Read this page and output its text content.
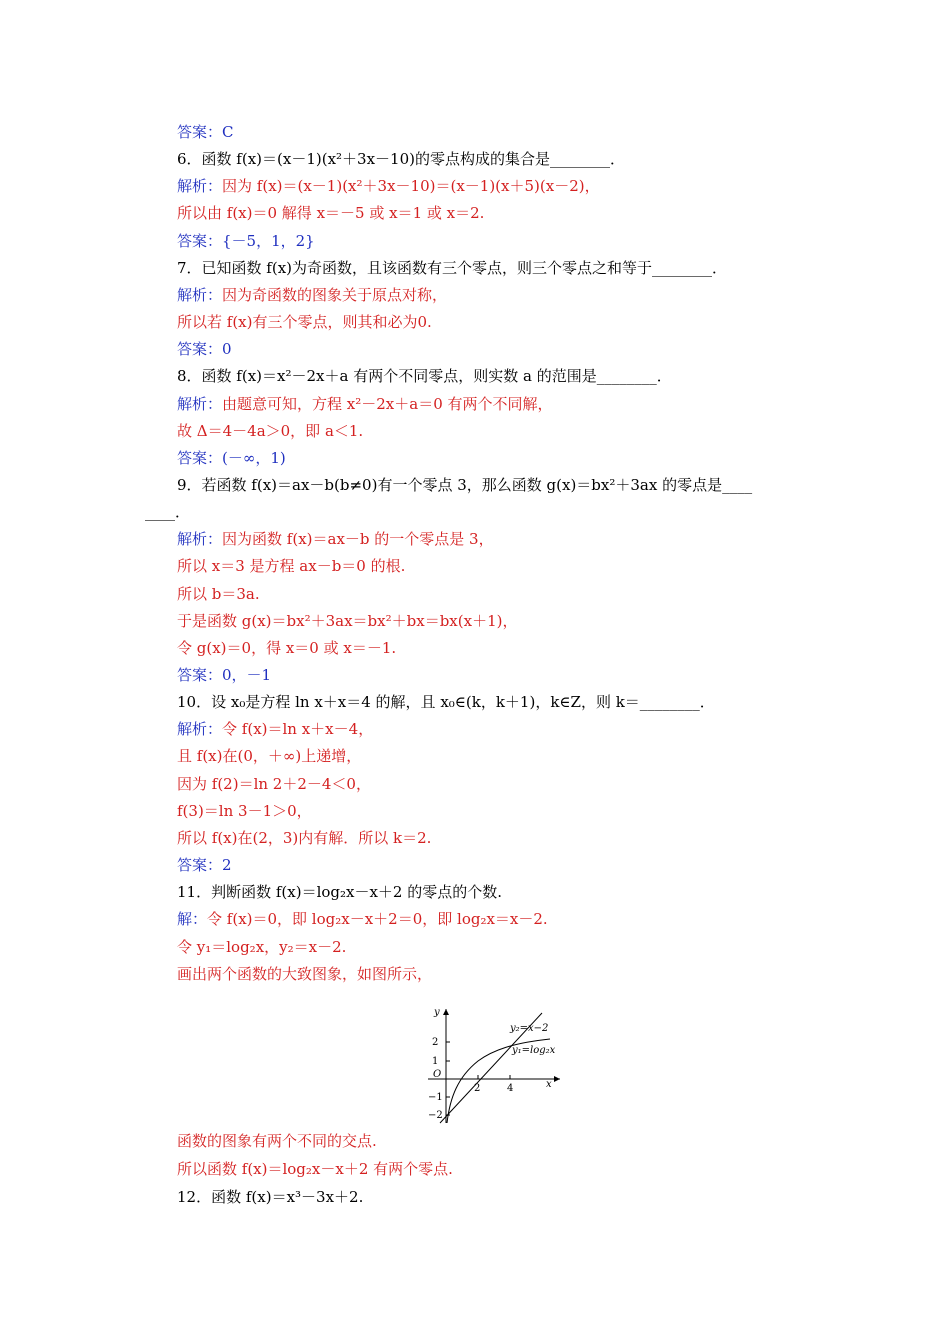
答案：C
6．函数 f(x)＝(x－1)(x²＋3x－10)的零点构成的集合是________．
解析：因为 f(x)＝(x－1)(x²＋3x－10)＝(x－1)(x＋5)(x－2)，
所以由 f(x)＝0 解得 x＝－5 或 x＝1 或 x＝2.
答案：{－5，1，2}
7．已知函数 f(x)为奇函数，且该函数有三个零点，则三个零点之和等于________．
解析：因为奇函数的图象关于原点对称，
所以若 f(x)有三个零点，则其和必为0.
答案：0
8．函数 f(x)＝x²－2x＋a 有两个不同零点，则实数 a 的范围是________．
解析：由题意可知，方程 x²－2x＋a＝0 有两个不同解，
故 Δ＝4－4a＞0，即 a＜1.
答案：(－∞，1)
9．若函数 f(x)＝ax－b(b≠0)有一个零点 3，那么函数 g(x)＝bx²＋3ax 的零点是____
____．
解析：因为函数 f(x)＝ax－b 的一个零点是 3，
所以 x＝3 是方程 ax－b＝0 的根.
所以 b＝3a.
于是函数 g(x)＝bx²＋3ax＝bx²＋bx＝bx(x＋1)，
令 g(x)＝0，得 x＝0 或 x＝－1.
答案：0，－1
10．设 x₀是方程 ln x＋x＝4 的解，且 x₀∈(k，k＋1)，k∈Z，则 k＝________．
解析：令 f(x)＝ln x＋x－4，
且 f(x)在(0，＋∞)上递增，
因为 f(2)＝ln 2＋2－4＜0，
f(3)＝ln 3－1＞0，
所以 f(x)在(2，3)内有解．所以 k＝2.
答案：2
11．判断函数 f(x)＝log₂x－x＋2 的零点的个数.
解：令 f(x)＝0，即 log₂x－x＋2＝0，即 log₂x＝x－2.
令 y₁＝log₂x，y₂＝x－2.
画出两个函数的大致图象，如图所示，
y
x
O
2
1
−1
−2
2	4
y₂=x−2
y₁=log₂x
函数的图象有两个不同的交点.
所以函数 f(x)＝log₂x－x＋2 有两个零点.
12．函数 f(x)＝x³－3x＋2.
